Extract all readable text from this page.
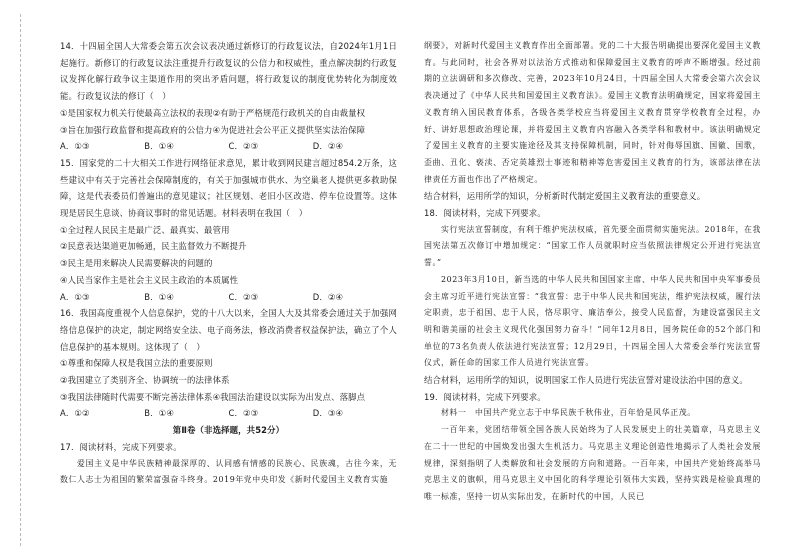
14．十四届全国人大常委会第五次会议表决通过新修订的行政复议法，自2024年1月1日起施行。新修订的行政复议法注重提升行政复议的公信力和权威性，重点解决制约行政复议发挥化解行政争议主渠道作用的突出矛盾问题，将行政复议的制度优势转化为制度效能。行政复议法的修订（　）

①是国家权力机关行使最高立法权的表现②有助于严格规范行政机关的自由裁量权

③旨在加强行政监督和提高政府的公信力④为促进社会公平正义提供坚实法治保障

A．①③	B．①④	C．②③	D．②④

15．国家党的二十大相关工作进行网络征求意见，累计收到网民建言超过854.2万条，这些建议中有关于完善社会保障制度的，有关于加强城市供水、为空巢老人提供更多救助保障，这是代表委员们普遍出的意见建议；社区规划、老旧小区改造、停车位设置等。这体现是居民生息谈、协商议事时的常见话题。材料表明在我国（　）

①全过程人民民主是最广泛、最真实、最管用

②民意表达渠道更加畅通，民主监督效力不断提升

③民主是用来解决人民需要解决的问题的

④人民当家作主是社会主义民主政治的本质属性

A．①③	B．①④	C．②③	D．②④

16．我国高度重视个人信息保护，党的十八大以来，全国人大及其常委会通过关于加强网络信息保护的决定，制定网络安全法、电子商务法，修改消费者权益保护法，确立了个人信息保护的基本规则。这体现了（　）

①尊重和保障人权是我国立法的重要原则

②我国建立了类别齐全、协调统一的法律体系

③我国法律随时代需要不断完善法律体系④我国法治建设以实际为出发点、落脚点

A．①②	B．①④	C．②③	D．③④

第Ⅱ卷（非选择题，共52分）

17．阅读材料，完成下列要求。

爱国主义是中华民族精神最深厚的、认同感有情感的民族心、民族魂，古往今来，无数仁人志士为祖国的繁荣富强奋斗终身。2019年党中央印发《新时代爱国主义教育实施

纲要》，对新时代爱国主义教育作出全面部署。党的二十大报告明确提出要深化爱国主义教育。与此同时，社会各界对以法治方式推动和保障爱国主义教育的呼声不断增强。经过前期的立法调研和多次修改、完善，2023年10月24日，十四届全国人大常委会第六次会议表决通过了《中华人民共和国爱国主义教育法》。爱国主义教育法明确规定，国家将爱国主义教育纳入国民教育体系，各级各类学校应当将爱国主义教育贯穿学校教育全过程，办好、讲好思想政治理论课，并将爱国主义教育内容融入各类学科和教材中。该法明确规定了爱国主义教育的主要实施途径及其支持保障机制，同时，针对侮辱国旗、国徽、国歌，歪曲、丑化、亵渎、否定英雄烈士事迹和精神等危害爱国主义教育的行为，该部法律在法律责任方面也作出了严格规定。

结合材料，运用所学的知识，分析新时代制定爱国主义教育法的重要意义。

18．阅读材料，完成下列要求。

实行宪法宣誓制度，有利于维护宪法权威，首先要全面贯彻实施宪法。2018年，在我国宪法第五次修订中增加规定：“国家工作人员就职时应当依照法律规定公开进行宪法宣誓。”

2023年3月10日，新当选的中华人民共和国国家主席、中华人民共和国中央军事委员会主席习近平进行宪法宣誓：“我宣誓：忠于中华人民共和国宪法，维护宪法权威，履行法定职责，忠于祖国、忠于人民，恪尽职守、廉洁奉公，接受人民监督，为建设富强民主文明和谐美丽的社会主义现代化强国努力奋斗！”同年12月8日，国务院任命的52个部门和单位的73名负责人依法进行宪法宣誓；12月29日，十四届全国人大常委会举行宪法宣誓仪式，新任命的国家工作人员进行宪法宣誓。

结合材料，运用所学的知识，说明国家工作人员进行宪法宣誓对建设法治中国的意义。

19．阅读材料，完成下列要求。

材料一　中国共产党立志于中华民族千秋伟业，百年恰是风华正茂。

一百年来，党团结带领全国各族人民始终为了人民发展史上的壮美篇章，马克思主义在二十一世纪的中国焕发出强大生机活力。马克思主义理论创造性地揭示了人类社会发展规律，深刻指明了人类解放和社会发展的方向和道路。一百年来，中国共产党始终高举马克思主义的旗帜，用马克思主义中国化的科学理论引领伟大实践，坚持实践是检验真理的唯一标准，坚持一切从实际出发，在新时代的中国，人民已
